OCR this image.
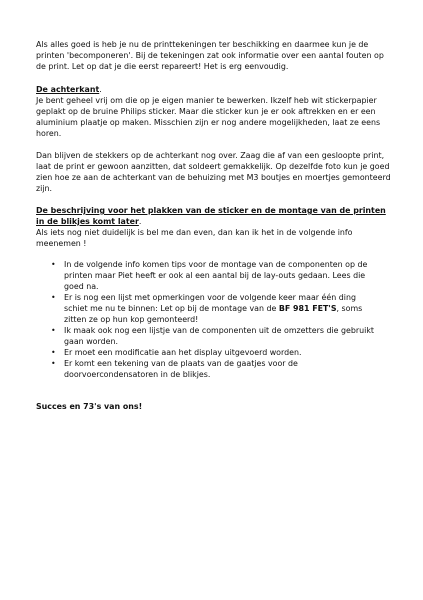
Als alles goed is heb je nu de printtekeningen ter beschikking en daarmee kun je de printen 'becomponeren'. Bij de tekeningen zat ook informatie over een aantal fouten op de print. Let op dat je die eerst repareert! Het is erg eenvoudig.

De achterkant.
Je bent geheel vrij om die op je eigen manier te bewerken. Ikzelf heb wit stickerpapier geplakt op de bruine Philips sticker. Maar die sticker kun je er ook aftrekken en er een aluminium plaatje op maken. Misschien zijn er nog andere mogelijkheden, laat ze eens horen.

Dan blijven de stekkers op de achterkant nog over. Zaag die af van een gesloopte print, laat de print er gewoon aanzitten, dat soldeert gemakkelijk. Op dezelfde foto kun je goed zien hoe ze aan de achterkant van de behuizing met M3 boutjes en moertjes gemonteerd zijn.

De beschrijving voor het plakken van de sticker en de montage van de printen in de blikjes komt later.
Als iets nog niet duidelijk is bel me dan even, dan kan ik het in de volgende info meenemen !

• In de volgende info komen tips voor de montage van de componenten op de printen maar Piet heeft er ook al een aantal bij de lay-outs gedaan. Lees die goed na.
• Er is nog een lijst met opmerkingen voor de volgende keer maar één ding schiet me nu te binnen: Let op bij de montage van de BF 981 FET'S, soms zitten ze op hun kop gemonteerd!
• Ik maak ook nog een lijstje van de componenten uit de omzetters die gebruikt gaan worden.
• Er moet een modificatie aan het display uitgevoerd worden.
• Er komt een tekening van de plaats van de gaatjes voor de doorvoercondensatoren in de blikjes.

Succes en 73's van ons!
